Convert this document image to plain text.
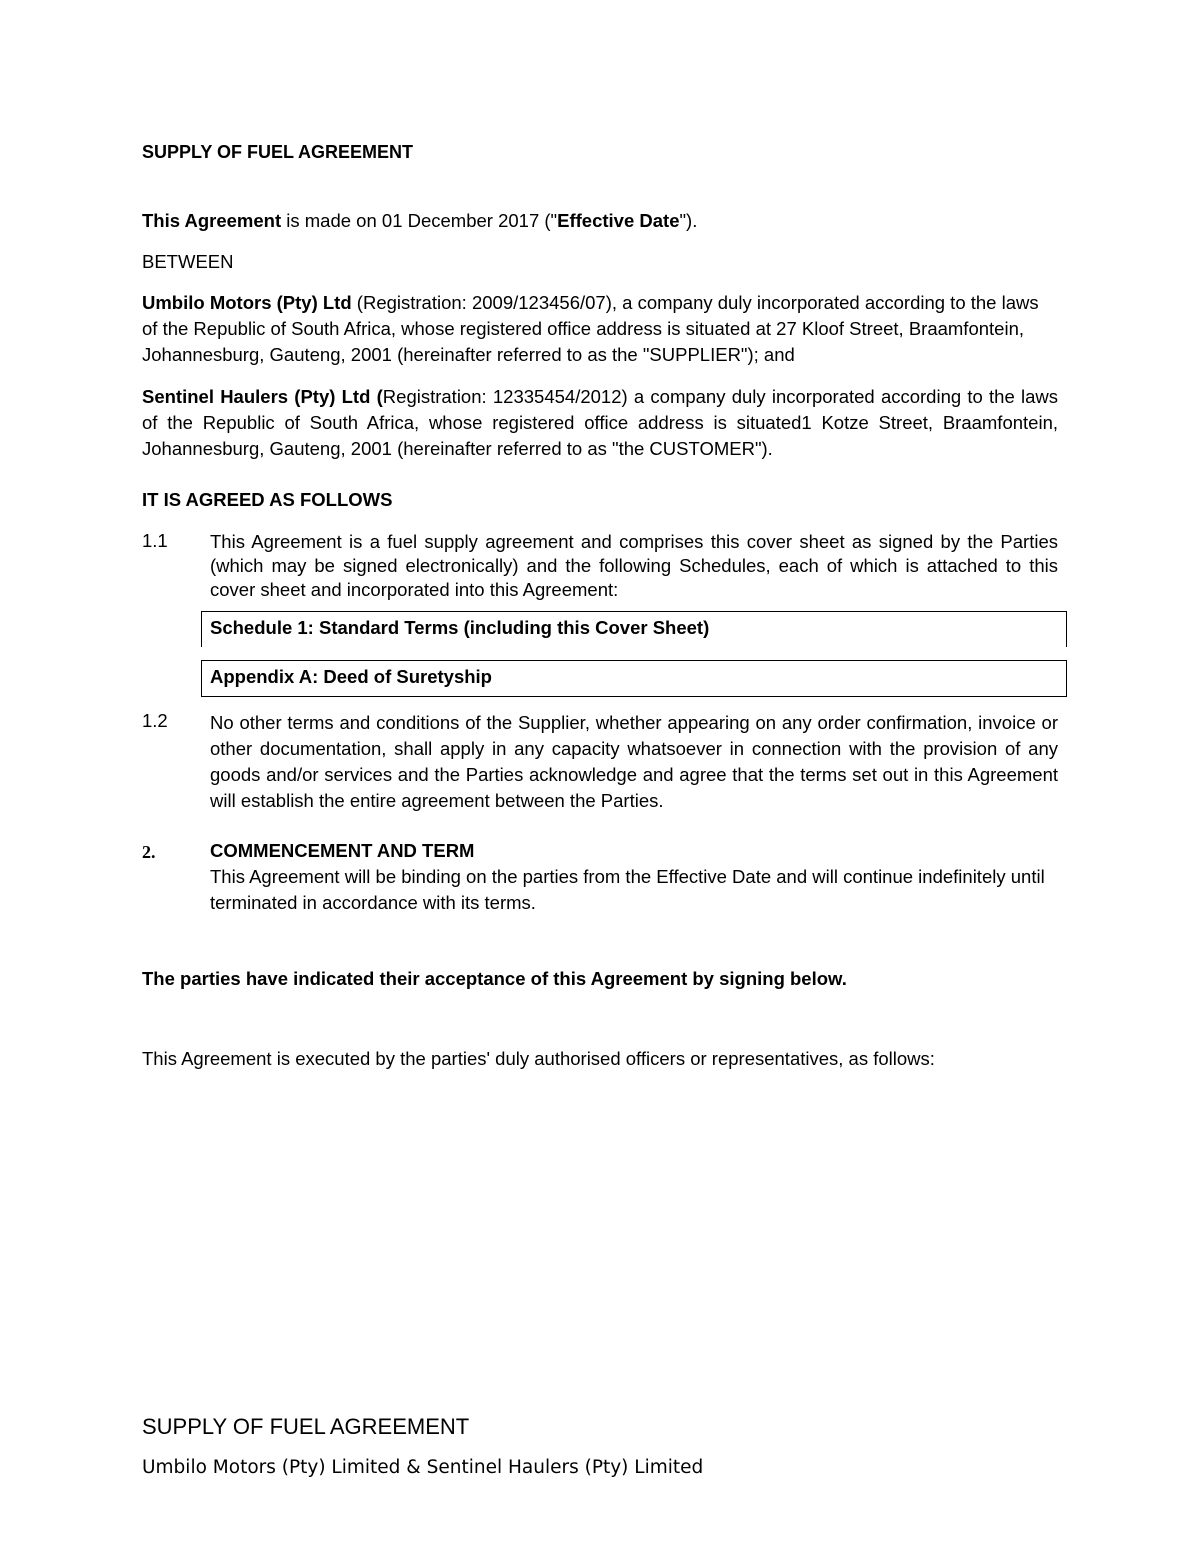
SUPPLY OF FUEL AGREEMENT

This Agreement is made on 01 December 2017 ("Effective Date").

BETWEEN

Umbilo Motors (Pty) Ltd (Registration: 2009/123456/07), a company duly incorporated according to the laws of the Republic of South Africa, whose registered office address is situated at 27 Kloof Street, Braamfontein, Johannesburg, Gauteng, 2001 (hereinafter referred to as the "SUPPLIER"); and

Sentinel Haulers (Pty) Ltd (Registration: 12335454/2012) a company duly incorporated according to the laws of the Republic of South Africa, whose registered office address is situated1 Kotze Street, Braamfontein, Johannesburg, Gauteng, 2001 (hereinafter referred to as "the CUSTOMER").

IT IS AGREED AS FOLLOWS

1.1 This Agreement is a fuel supply agreement and comprises this cover sheet as signed by the Parties (which may be signed electronically) and the following Schedules, each of which is attached to this cover sheet and incorporated into this Agreement:

Schedule 1: Standard Terms (including this Cover Sheet)
Appendix A: Deed of Suretyship
1.2 No other terms and conditions of the Supplier, whether appearing on any order confirmation, invoice or other documentation, shall apply in any capacity whatsoever in connection with the provision of any goods and/or services and the Parties acknowledge and agree that the terms set out in this Agreement will establish the entire agreement between the Parties.

2.	COMMENCEMENT AND TERM

This Agreement will be binding on the parties from the Effective Date and will continue indefinitely until terminated in accordance with its terms.

The parties have indicated their acceptance of this Agreement by signing below.

This Agreement is executed by the parties' duly authorised officers or representatives, as follows:

SUPPLY OF FUEL AGREEMENT
Umbilo Motors (Pty) Limited & Sentinel Haulers (Pty) Limited
